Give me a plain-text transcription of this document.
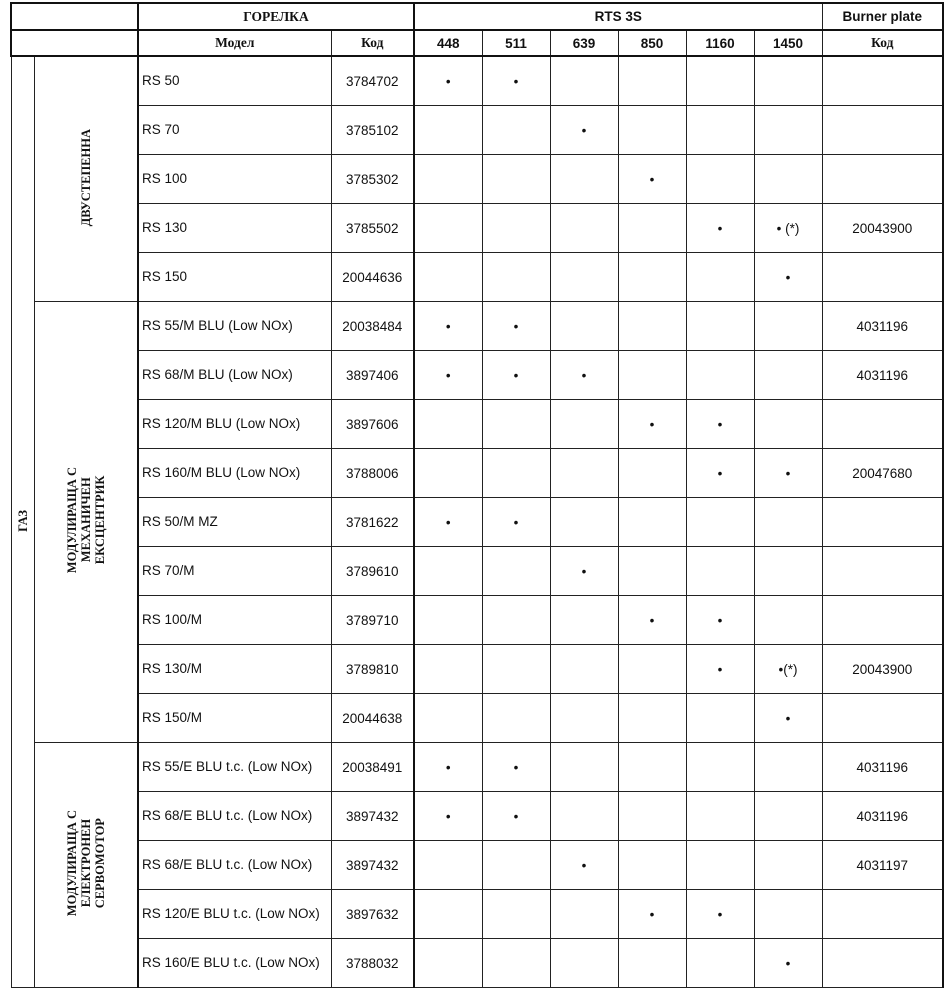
		ГОРЕЛКА		RTS 3S						Burner plate
		Модел	Код	448	511	639	850	1160	1450	Код
ГАЗ	ДВУСТЕПЕННА	RS 50	3784702	•	•					
		RS 70	3785102			•				
		RS 100	3785302				•			
		RS 130	3785502					•	• (*)	20043900
		RS 150	20044636						•	
	МОДУЛИРАЩА С
МЕХАНИЧЕН
ЕКСЦЕНТРИК	RS 55/M BLU (Low NOx)	20038484	•	•					4031196
		RS 68/M BLU (Low NOx)	3897406	•	•	•				4031196
		RS 120/M BLU (Low NOx)	3897606				•	•		
		RS 160/M BLU (Low NOx)	3788006					•	•	20047680
		RS 50/M MZ	3781622	•	•					
		RS 70/M	3789610			•				
		RS 100/M	3789710				•	•		
		RS 130/M	3789810					•	•(*)	20043900
		RS 150/M	20044638						•	
	МОДУЛИРАЩА С
ЕЛЕКТРОНЕН
СЕРВОМОТОР	RS 55/E BLU t.c. (Low NOx)	20038491	•	•					4031196
		RS 68/E BLU t.c. (Low NOx)	3897432	•	•					4031196
		RS 68/E BLU t.c. (Low NOx)	3897432			•				4031197
		RS 120/E BLU t.c. (Low NOx)	3897632				•	•		
		RS 160/E BLU t.c. (Low NOx)	3788032						•	
